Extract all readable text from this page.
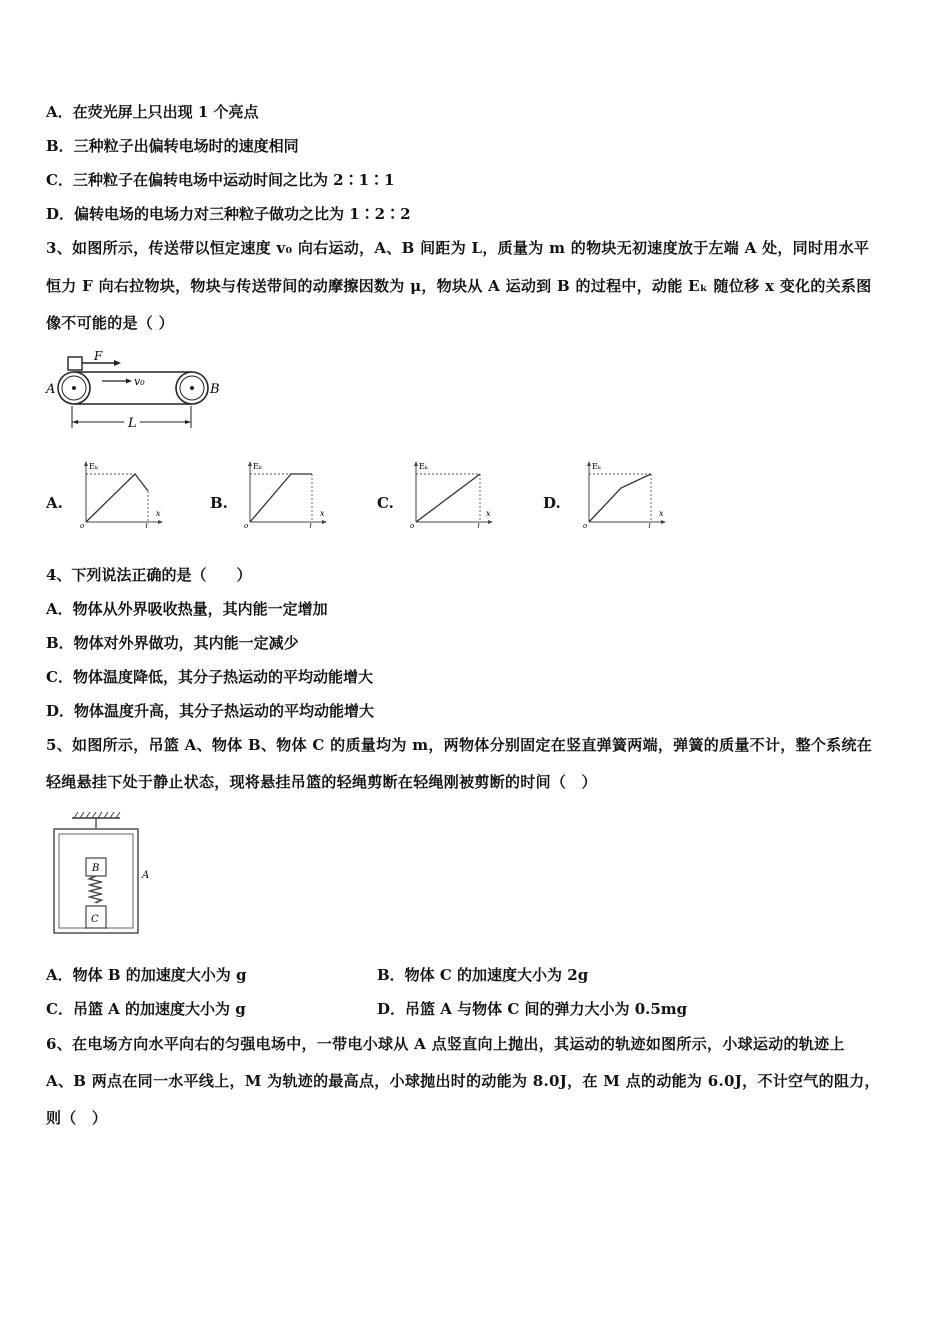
A．在荧光屏上只出现 1 个亮点
B．三种粒子出偏转电场时的速度相同
C．三种粒子在偏转电场中运动时间之比为 2∶1∶1
D．偏转电场的电场力对三种粒子做功之比为 1∶2∶2
3、如图所示，传送带以恒定速度 v₀ 向右运动，A、B 间距为 L，质量为 m 的物块无初速度放于左端 A 处，同时用水平
恒力 F 向右拉物块，物块与传送带间的动摩擦因数为 μ，物块从 A 运动到 B 的过程中，动能 Eₖ 随位移 x 变化的关系图
像不可能的是（ ）
F
v₀
A	B
L
A.
Eₖ
x
o	L
B.
Eₖ
x
o	L
C.
Eₖ
x
o	L
D.
Eₖ
x
o	L
4、下列说法正确的是（　　）
A．物体从外界吸收热量，其内能一定增加
B．物体对外界做功，其内能一定减少
C．物体温度降低，其分子热运动的平均动能增大
D．物体温度升高，其分子热运动的平均动能增大
5、如图所示，吊篮 A、物体 B、物体 C 的质量均为 m，两物体分别固定在竖直弹簧两端，弹簧的质量不计，整个系统在
轻绳悬挂下处于静止状态，现将悬挂吊篮的轻绳剪断在轻绳刚被剪断的时间（　）
B
C
A
A．物体 B 的加速度大小为 g	B．物体 C 的加速度大小为 2g
C．吊篮 A 的加速度大小为 g	D．吊篮 A 与物体 C 间的弹力大小为 0.5mg
6、在电场方向水平向右的匀强电场中，一带电小球从 A 点竖直向上抛出，其运动的轨迹如图所示，小球运动的轨迹上
A、B 两点在同一水平线上，M 为轨迹的最高点，小球抛出时的动能为 8.0J，在 M 点的动能为 6.0J，不计空气的阻力，
则（　）
